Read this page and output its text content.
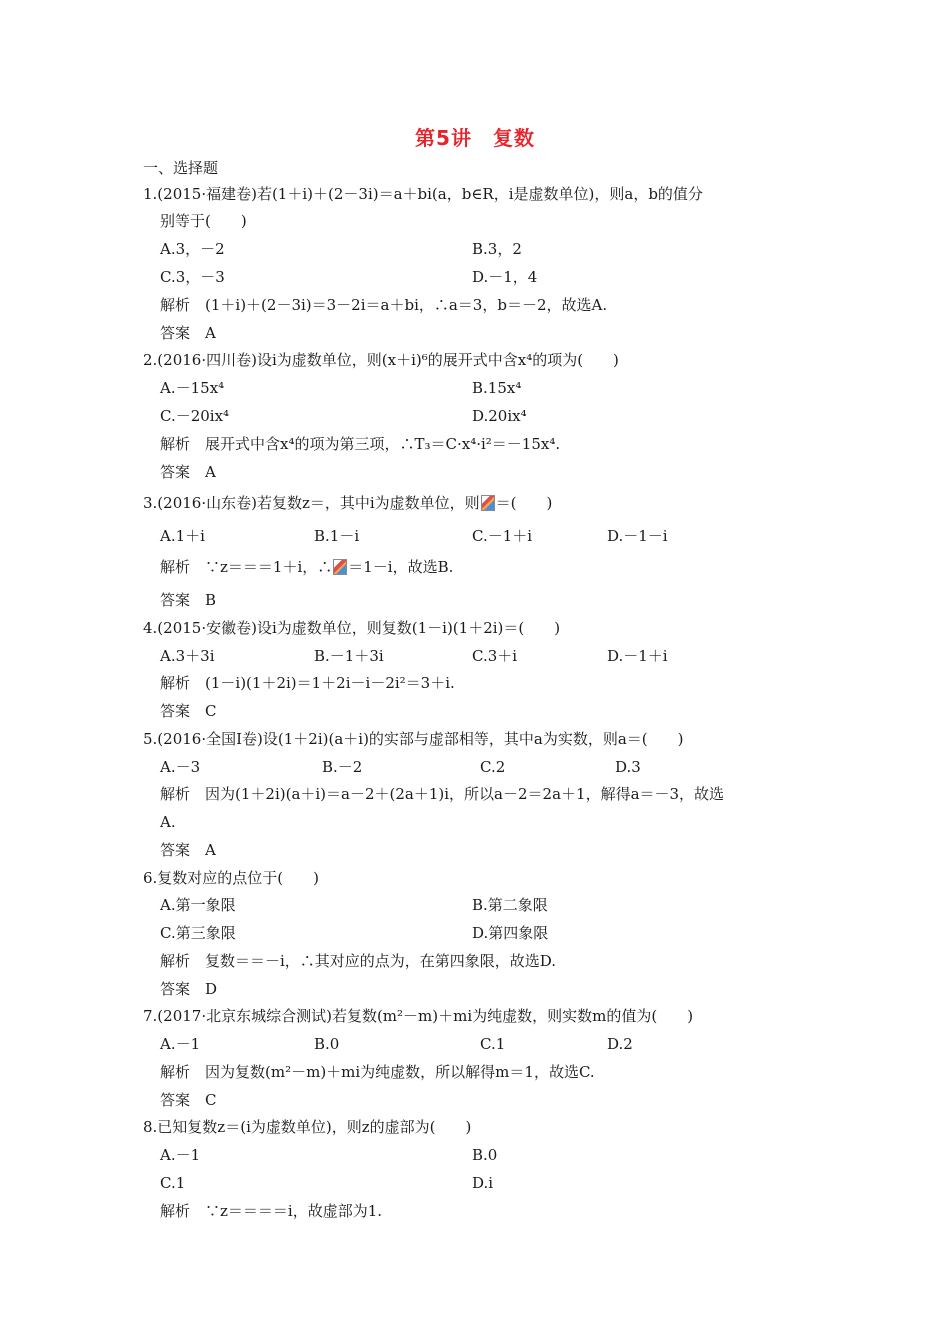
第5讲　复数
一、选择题
1.(2015·福建卷)若(1＋i)＋(2－3i)＝a＋bi(a，b∈R，i是虚数单位)，则a，b的值分
别等于(　　)
A.3，－2	B.3，2
C.3，－3	D.－1，4
解析　(1＋i)＋(2－3i)＝3－2i＝a＋bi，∴a＝3，b＝－2，故选A.
答案　A
2.(2016·四川卷)设i为虚数单位，则(x＋i)⁶的展开式中含x⁴的项为(　　)
A.－15x⁴	B.15x⁴
C.－20ix⁴	D.20ix⁴
解析　展开式中含x⁴的项为第三项，∴T₃＝C·x⁴·i²＝－15x⁴.
答案　A
3.(2016·山东卷)若复数z＝，其中i为虚数单位，则 ＝(　　)
A.1＋i	B.1－i	C.－1＋i	D.－1－i
解析　∵z＝＝＝1＋i，∴ ＝1－i，故选B.
答案　B
4.(2015·安徽卷)设i为虚数单位，则复数(1－i)(1＋2i)＝(　　)
A.3＋3i	B.－1＋3i	C.3＋i	D.－1＋i
解析　(1－i)(1＋2i)＝1＋2i－i－2i²＝3＋i.
答案　C
5.(2016·全国Ⅰ卷)设(1＋2i)(a＋i)的实部与虚部相等，其中a为实数，则a＝(　　)
A.－3	B.－2	C.2	D.3
解析　因为(1＋2i)(a＋i)＝a－2＋(2a＋1)i，所以a－2＝2a＋1，解得a＝－3，故选
A.
答案　A
6.复数对应的点位于(　　)
A.第一象限	B.第二象限
C.第三象限	D.第四象限
解析　复数＝＝－i，∴其对应的点为，在第四象限，故选D.
答案　D
7.(2017·北京东城综合测试)若复数(m²－m)＋mi为纯虚数，则实数m的值为(　　)
A.－1	B.0	C.1	D.2
解析　因为复数(m²－m)＋mi为纯虚数，所以解得m＝1，故选C.
答案　C
8.已知复数z＝(i为虚数单位)，则z的虚部为(　　)
A.－1	B.0
C.1	D.i
解析　∵z＝＝＝＝i，故虚部为1.
